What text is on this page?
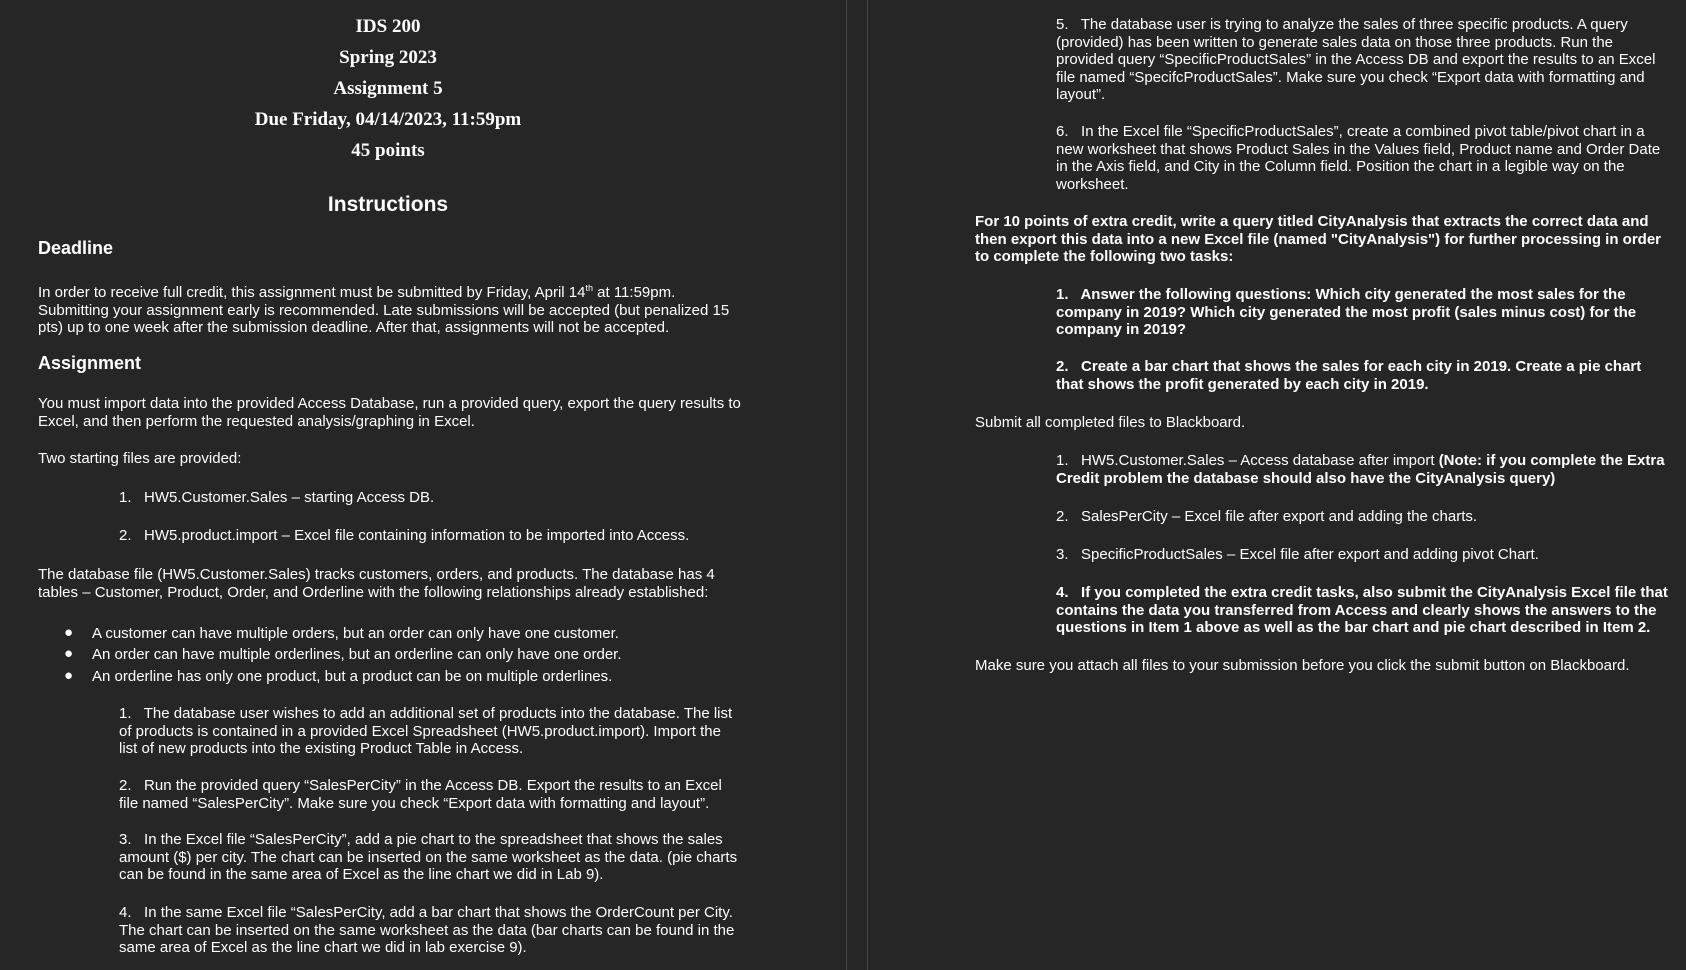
IDS 200
Spring 2023
Assignment 5
Due Friday, 04/14/2023, 11:59pm
45 points
Instructions
Deadline
In order to receive full credit, this assignment must be submitted by Friday, April 14th at 11:59pm. Submitting your assignment early is recommended. Late submissions will be accepted (but penalized 15 pts) up to one week after the submission deadline. After that, assignments will not be accepted.
Assignment
You must import data into the provided Access Database, run a provided query, export the query results to Excel, and then perform the requested analysis/graphing in Excel.
Two starting files are provided:
1. HW5.Customer.Sales – starting Access DB.
2. HW5.product.import – Excel file containing information to be imported into Access.
The database file (HW5.Customer.Sales) tracks customers, orders, and products. The database has 4 tables – Customer, Product, Order, and Orderline with the following relationships already established:
● A customer can have multiple orders, but an order can only have one customer.
● An order can have multiple orderlines, but an orderline can only have one order.
● An orderline has only one product, but a product can be on multiple orderlines.
1. The database user wishes to add an additional set of products into the database. The list of products is contained in a provided Excel Spreadsheet (HW5.product.import). Import the list of new products into the existing Product Table in Access.
2. Run the provided query “SalesPerCity” in the Access DB. Export the results to an Excel file named “SalesPerCity”. Make sure you check “Export data with formatting and layout”.
3. In the Excel file “SalesPerCity”, add a pie chart to the spreadsheet that shows the sales amount ($) per city. The chart can be inserted on the same worksheet as the data. (pie charts can be found in the same area of Excel as the line chart we did in Lab 9).
4. In the same Excel file “SalesPerCity, add a bar chart that shows the OrderCount per City. The chart can be inserted on the same worksheet as the data (bar charts can be found in the same area of Excel as the line chart we did in lab exercise 9).
5. The database user is trying to analyze the sales of three specific products. A query (provided) has been written to generate sales data on those three products. Run the provided query “SpecificProductSales” in the Access DB and export the results to an Excel file named “SpecifcProductSales”. Make sure you check “Export data with formatting and layout”.
6. In the Excel file “SpecificProductSales”, create a combined pivot table/pivot chart in a new worksheet that shows Product Sales in the Values field, Product name and Order Date in the Axis field, and City in the Column field. Position the chart in a legible way on the worksheet.
For 10 points of extra credit, write a query titled CityAnalysis that extracts the correct data and then export this data into a new Excel file (named "CityAnalysis") for further processing in order to complete the following two tasks:
1. Answer the following questions: Which city generated the most sales for the company in 2019? Which city generated the most profit (sales minus cost) for the company in 2019?
2. Create a bar chart that shows the sales for each city in 2019. Create a pie chart that shows the profit generated by each city in 2019.
Submit all completed files to Blackboard.
1. HW5.Customer.Sales – Access database after import (Note: if you complete the Extra Credit problem the database should also have the CityAnalysis query)
2. SalesPerCity – Excel file after export and adding the charts.
3. SpecificProductSales – Excel file after export and adding pivot Chart.
4. If you completed the extra credit tasks, also submit the CityAnalysis Excel file that contains the data you transferred from Access and clearly shows the answers to the questions in Item 1 above as well as the bar chart and pie chart described in Item 2.
Make sure you attach all files to your submission before you click the submit button on Blackboard.
